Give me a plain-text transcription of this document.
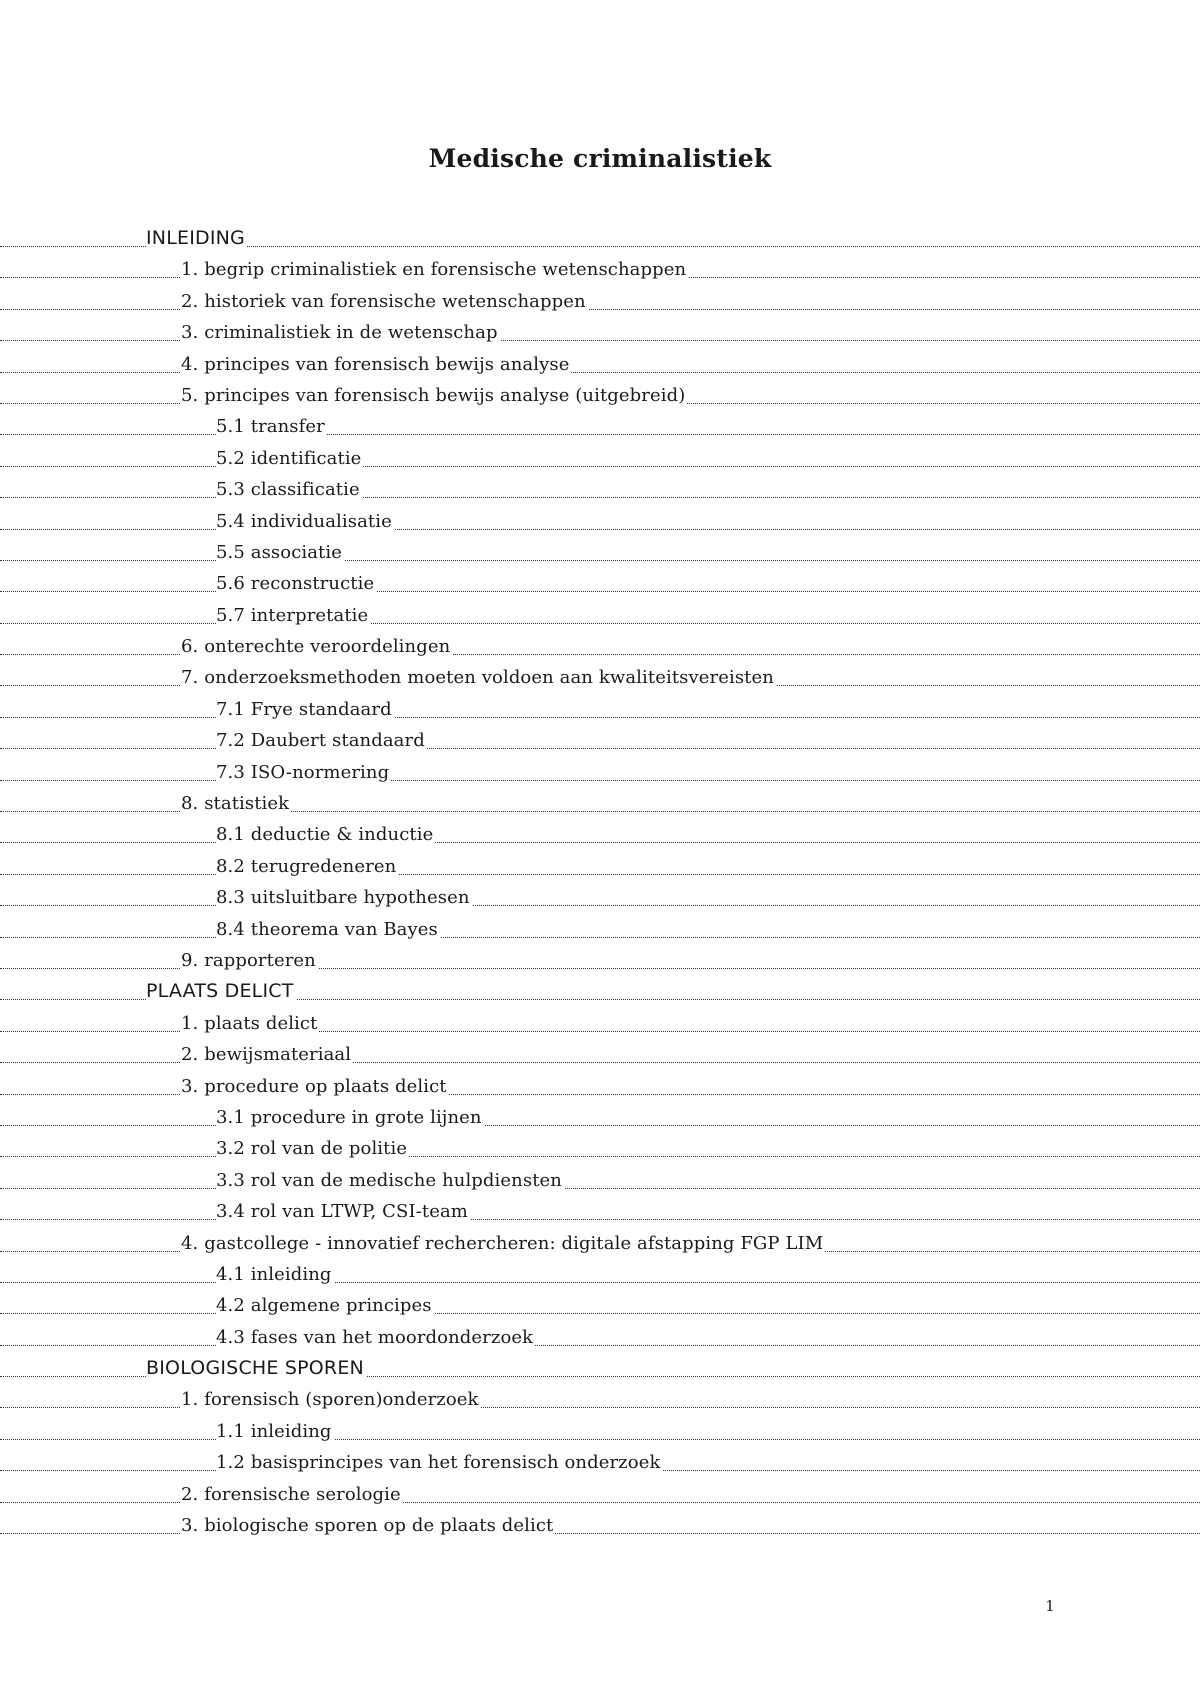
Medische criminalistiek
INLEIDING
1. begrip criminalistiek en forensische wetenschappen
2. historiek van forensische wetenschappen
3. criminalistiek in de wetenschap
4. principes van forensisch bewijs analyse
5. principes van forensisch bewijs analyse (uitgebreid)
5.1 transfer
5.2 identificatie
5.3 classificatie
5.4 individualisatie
5.5 associatie
5.6 reconstructie
5.7 interpretatie
6. onterechte veroordelingen
7. onderzoeksmethoden moeten voldoen aan kwaliteitsvereisten
7.1 Frye standaard
7.2 Daubert standaard
7.3 ISO-normering
8. statistiek
8.1 deductie & inductie
8.2 terugredeneren
8.3 uitsluitbare hypothesen
8.4 theorema van Bayes
9. rapporteren
PLAATS DELICT
1. plaats delict
2. bewijsmateriaal
3. procedure op plaats delict
3.1 procedure in grote lijnen
3.2 rol van de politie
3.3 rol van de medische hulpdiensten
3.4 rol van LTWP, CSI-team
4. gastcollege - innovatief rechercheren: digitale afstapping FGP LIM
4.1 inleiding
4.2 algemene principes
4.3 fases van het moordonderzoek
BIOLOGISCHE SPOREN
1. forensisch (sporen)onderzoek
1.1 inleiding
1.2 basisprincipes van het forensisch onderzoek
2. forensische serologie
3. biologische sporen op de plaats delict
1
